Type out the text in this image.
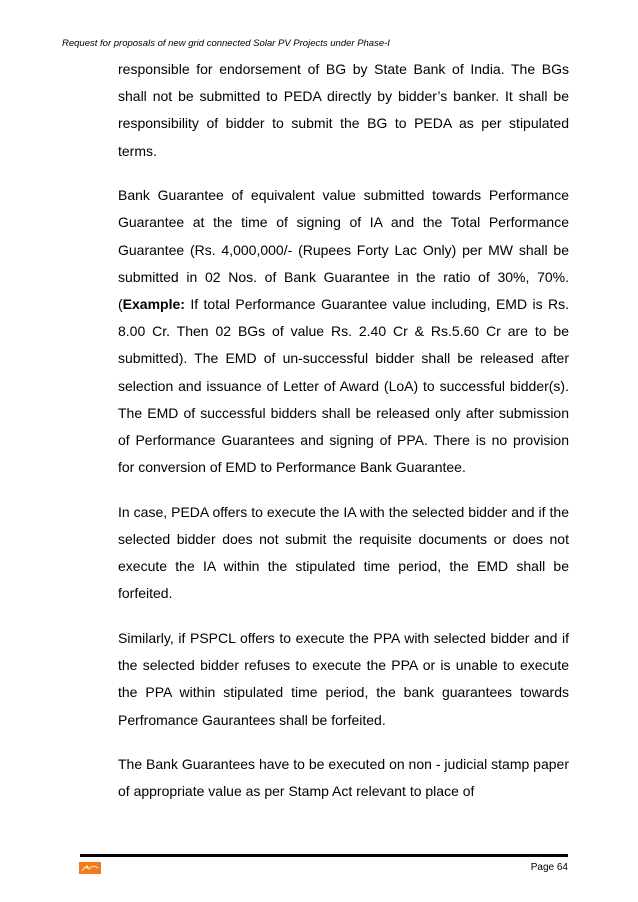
Request for proposals of new grid connected Solar PV Projects under Phase-I

responsible for endorsement of BG by State Bank of India. The BGs shall not be submitted to PEDA directly by bidder’s banker. It shall be responsibility of bidder to submit the BG to PEDA as per stipulated terms.

Bank Guarantee of equivalent value submitted towards Performance Guarantee at the time of signing of IA and the Total Performance Guarantee (Rs. 4,000,000/- (Rupees Forty Lac Only) per MW shall be submitted in 02 Nos. of Bank Guarantee in the ratio of 30%, 70%. (Example: If total Performance Guarantee value including, EMD is Rs. 8.00 Cr. Then 02 BGs of value Rs. 2.40 Cr & Rs.5.60 Cr are to be submitted). The EMD of un-successful bidder shall be released after selection and issuance of Letter of Award (LoA) to successful bidder(s). The EMD of successful bidders shall be released only after submission of Performance Guarantees and signing of PPA. There is no provision for conversion of EMD to Performance Bank Guarantee.

In case, PEDA offers to execute the IA with the selected bidder and if the selected bidder does not submit the requisite documents or does not execute the IA within the stipulated time period, the EMD shall be forfeited.

Similarly, if PSPCL offers to execute the PPA with selected bidder and if the selected bidder refuses to execute the PPA or is unable to execute the PPA within stipulated time period, the bank guarantees towards Perfromance Gaurantees shall be forfeited.

The Bank Guarantees have to be executed on non - judicial stamp paper of appropriate value as per Stamp Act relevant to place of

Page 64
